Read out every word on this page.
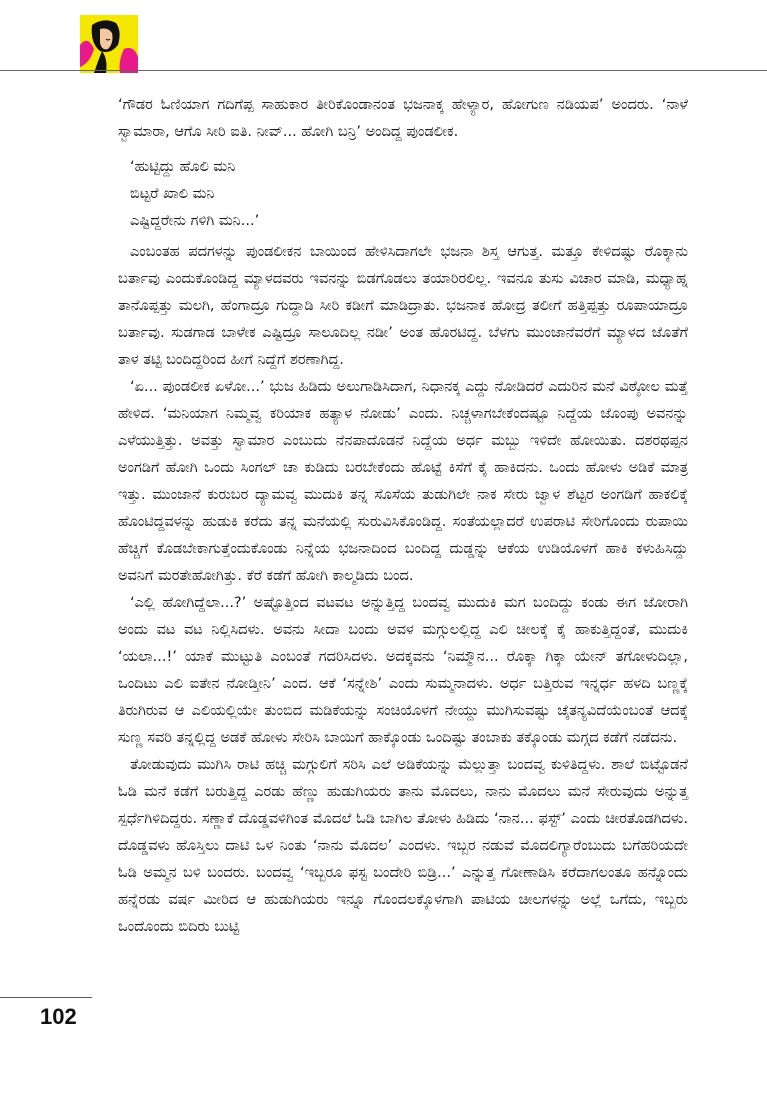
‘ಗೌಡರ ಓಣಿಯಾಗ ಗದಿಗೆಪ್ಪ ಸಾಹುಕಾರ ತೀರಿಕೊಂಡಾನಂತ ಭಜನಾಕ್ಕ ಹೇಳ್ಯಾರ, ಹೋಗುಣ ನಡಿಯಪ’ ಅಂದರು. ‘ನಾಳೆ ಸ್ವಾಮಾರಾ, ಆಗೊ ಸೀರಿ ಐತಿ. ನೀವ್... ಹೋಗಿ ಬನ್ರಿ’ ಅಂದಿದ್ದ ಪುಂಡಲೀಕ.

‘ಹುಟ್ಟಿದ್ದು ಹೊಲಿ ಮನಿ
ಬಿಟ್ಟರೆ ಖಾಲಿ ಮನಿ
ಎಷ್ಟಿದ್ದರೇನು ಗಳಿಗಿ ಮನಿ...’

ಎಂಬಂತಹ ಪದಗಳನ್ನು ಪುಂಡಲೀಕನ ಬಾಯಿಂದ ಹೇಳಿಸಿದಾಗಲೇ ಭಜನಾ ಶಿಸ್ತ ಆಗುತ್ತ. ಮತ್ತೂ ಕೇಳಿದಷ್ಟು ರೊಕ್ಕಾನು ಬರ್ತಾವು ಎಂದುಕೊಂಡಿದ್ದ ಮ್ಯಾಳದವರು ಇವನನ್ನು ಬಿಡಗೊಡಲು ತಯಾರಿರಲಿಲ್ಲ. ಇವನೂ ತುಸು ವಿಚಾರ ಮಾಡಿ, ಮಧ್ಯಾಹ್ನ ತಾನೊಪ್ಪತ್ತು ಮಲಗಿ, ಹೆಂಗಾದ್ರೂ ಗುದ್ದಾಡಿ ಸೀರಿ ಕಡೀಗೆ ಮಾಡಿದ್ರಾತು. ಭಜನಾಕ ಹೋದ್ರ ತಲೀಗೆ ಹತ್ತಿಪ್ಪತ್ತು ರೂಪಾಯಾದ್ರೂ ಬರ್ತಾವು. ಸುಡಗಾಡ ಬಾಳೇಕ ಎಷ್ಟಿದ್ರೂ ಸಾಲೂದಿಲ್ಲ ನಡೀ’ ಅಂತ ಹೊರಟಿದ್ದ. ಬೆಳಗು ಮುಂಜಾನೆವರೆಗೆ ಮ್ಯಾಳದ ಜೊತೆಗೆ ತಾಳ ತಟ್ಟಿ ಬಂದಿದ್ದರಿಂದ ಹೀಗೆ ನಿದ್ದೆಗೆ ಶರಣಾಗಿದ್ದ.

‘ಏ... ಪುಂಡಲೀಕ ಏಳೋ...’ ಭುಜ ಹಿಡಿದು ಅಲುಗಾಡಿಸಿದಾಗ, ನಿಧಾನಕ್ಕ ಎದ್ದು ನೋಡಿದರೆ ಎದುರಿನ ಮನೆ ವಿಠ್ಠೋಲ ಮತ್ತೆ ಹೇಳಿದ. ‘ಮನಿಯಾಗ ನಿಮ್ಮವ್ವ ಕರಿಯಾಕ ಹತ್ಯಾಳ ನೋಡು’ ಎಂದು. ನಿಚ್ಚಳಾಗಬೇಕೆಂದಷ್ಟೂ ನಿದ್ದೆಯ ಜೊಂಪು ಅವನನ್ನು ಎಳೆಯುತ್ತಿತ್ತು. ಅವತ್ತು ಸ್ವಾಮಾರ ಎಂಬುದು ನೆನಪಾದೊಡನೆ ನಿದ್ದೆಯ ಅರ್ಧ ಮಬ್ಬು ಇಳಿದೇ ಹೋಯಿತು. ದಶರಥಪ್ಪನ ಅಂಗಡಿಗೆ ಹೋಗಿ ಒಂದು ಸಿಂಗಲ್ ಚಾ ಕುಡಿದು ಬರಬೇಕೆಂದು ಹೊಟ್ಟೆ ಕಿಸೆಗೆ ಕೈ ಹಾಕಿದನು. ಒಂದು ಹೋಳು ಅಡಿಕೆ ಮಾತ್ರ ಇತ್ತು. ಮುಂಜಾನೆ ಕುರುಬರ ದ್ಯಾಮವ್ವ ಮುದುಕಿ ತನ್ನ ಸೊಸೆಯ ತುಡುಗಿಲೇ ನಾಕ ಸೇರು ಜ್ವಾಳ ಶೆಟ್ಟರ ಅಂಗಡಿಗೆ ಹಾಕಲಿಕ್ಕೆ ಹೊಂಟಿದ್ದವಳನ್ನು ಹುಡುಕಿ ಕರೆದು ತನ್ನ ಮನೆಯಲ್ಲಿ ಸುರುವಿಸಿಕೊಂಡಿದ್ದ. ಸಂತೆಯಲ್ಲಾದರೆ ಉಪರಾಟಿ ಸೇರಿಗೊಂದು ರುಪಾಯಿ ಹೆಚ್ಚಿಗೆ ಕೊಡಬೇಕಾಗುತ್ತೆಂದುಕೊಂಡು ನಿನ್ನೆಯ ಭಜನಾದಿಂದ ಬಂದಿದ್ದ ದುಡ್ಡನ್ನು ಆಕೆಯ ಉಡಿಯೊಳಗೆ ಹಾಕಿ ಕಳುಹಿಸಿದ್ದು ಅವನಿಗೆ ಮರತೇಹೋಗಿತ್ತು. ಕೆರೆ ಕಡೆಗೆ ಹೋಗಿ ಕಾಲ್ಮಡಿದು ಬಂದ.

‘ಎಲ್ಲಿ ಹೋಗಿದ್ದೆಲಾ...?’ ಅಷ್ಟೊತ್ತಿಂದ ವಟವಟ ಅನ್ನುತ್ತಿದ್ದ ಬಂದವ್ವ ಮುದುಕಿ ಮಗ ಬಂದಿದ್ದು ಕಂಡು ಈಗ ಜೋರಾಗಿ ಅಂದು ವಟ ವಟ ನಿಲ್ಲಿಸಿದಳು. ಅವನು ಸೀದಾ ಬಂದು ಅವಳ ಮಗ್ಗುಲಲ್ಲಿದ್ದ ಎಲಿ ಚೀಲಕ್ಕೆ ಕೈ ಹಾಕುತ್ತಿದ್ದಂತೆ, ಮುದುಕಿ ‘ಯಲಾ...!’ ಯಾಕೆ ಮುಟ್ಟುತಿ ಎಂಬಂತೆ ಗದರಿಸಿದಳು. ಅದಕ್ಕವನು ‘ನಿಮ್ಮೌನ... ರೊಕ್ಕಾ ಗಿಕ್ಕಾ ಯೇನ್ ತಗೋಳುದಿಲ್ಲಾ, ಒಂದಿಟು ಎಲಿ ಐತೇನ ನೋಡ್ತೀನಿ’ ಎಂದ. ಆಕೆ ‘ಸನ್ನೇಶಿ’ ಎಂದು ಸುಮ್ಮನಾದಳು. ಅರ್ಧ ಬತ್ತಿರುವ ಇನ್ನರ್ಧ ಹಳದಿ ಬಣ್ಣಕ್ಕೆ ತಿರುಗಿರುವ ಆ ಎಲಿಯಲ್ಲಿಯೇ ತುಂಬಿದ ಮಡಿಕೆಯನ್ನು ಸಂಚಿಯೊಳಗೆ ನೇಯ್ದು ಮುಗಿಸುವಷ್ಟು ಚೈತನ್ಯವಿದೆಯೆಂಬಂತೆ ಆದಕ್ಕೆ ಸುಣ್ಣ ಸವರಿ ತನ್ನಲ್ಲಿದ್ದ ಅಡಕೆ ಹೋಳು ಸೇರಿಸಿ ಬಾಯಿಗೆ ಹಾಕ್ಕೊಂಡು ಒಂದಿಷ್ಟು ತಂಬಾಕು ತಕ್ಕೊಂಡು ಮಗ್ಗದ ಕಡೆಗೆ ನಡೆದನು.

ತೋಡುವುದು ಮುಗಿಸಿ ರಾಟಿ ಹಚ್ಚಿ ಮಗ್ಗುಲಿಗೆ ಸರಿಸಿ ಎಲೆ ಅಡಿಕೆಯನ್ನು ಮೆಲ್ಲುತ್ತಾ ಬಂದವ್ವ ಕುಳಿತಿದ್ದಳು. ಶಾಲೆ ಬಿಟ್ಟೊಡನೆ ಓಡಿ ಮನೆ ಕಡೆಗೆ ಬರುತ್ತಿದ್ದ ಎರಡು ಹೆಣ್ಣು ಹುಡುಗಿಯರು ತಾನು ಮೊದಲು, ನಾನು ಮೊದಲು ಮನೆ ಸೇರುವುದು ಅನ್ನುತ್ತ ಸ್ಪರ್ಧೆಗಿಳಿದಿದ್ದರು. ಸಣ್ಣಾಕೆ ದೊಡ್ಡವಳಿಗಿಂತ ಮೊದಲೆ ಓಡಿ ಬಾಗಿಲ ತೋಳು ಹಿಡಿದು ‘ನಾನ... ಫಸ್ಟ್’ ಎಂದು ಚೀರತೊಡಗಿದಳು. ದೊಡ್ಡವಳು ಹೊಸ್ತಿಲು ದಾಟಿ ಒಳ ನಿಂತು ‘ನಾನು ಮೊದಲ’ ಎಂದಳು. ಇಬ್ಬರ ನಡುವೆ ಮೊದಲಿಗ್ಯಾರೆಂಬುದು ಬಗೆಹರಿಯದೇ ಓಡಿ ಅಮ್ಮನ ಬಳಿ ಬಂದರು. ಬಂದವ್ವ ‘ಇಬ್ಬರೂ ಫಸ್ಟ ಬಂದೇರಿ ಬಿಡ್ರಿ...’ ಎನ್ನುತ್ತ ಗೋಣಾಡಿಸಿ ಕರೆದಾಗಲಂತೂ ಹನ್ನೊಂದು ಹನ್ನೆರಡು ವರ್ಷ ಮೀರಿದ ಆ ಹುಡುಗಿಯರು ಇನ್ನೂ ಗೊಂದಲಕ್ಕೊಳಗಾಗಿ ಪಾಟಿಯ ಚೀಲಗಳನ್ನು ಅಲ್ಲೆ ಒಗೆದು, ಇಬ್ಬರು ಒಂದೊಂದು ಬಿದಿರು ಬುಟ್ಟಿ

102
